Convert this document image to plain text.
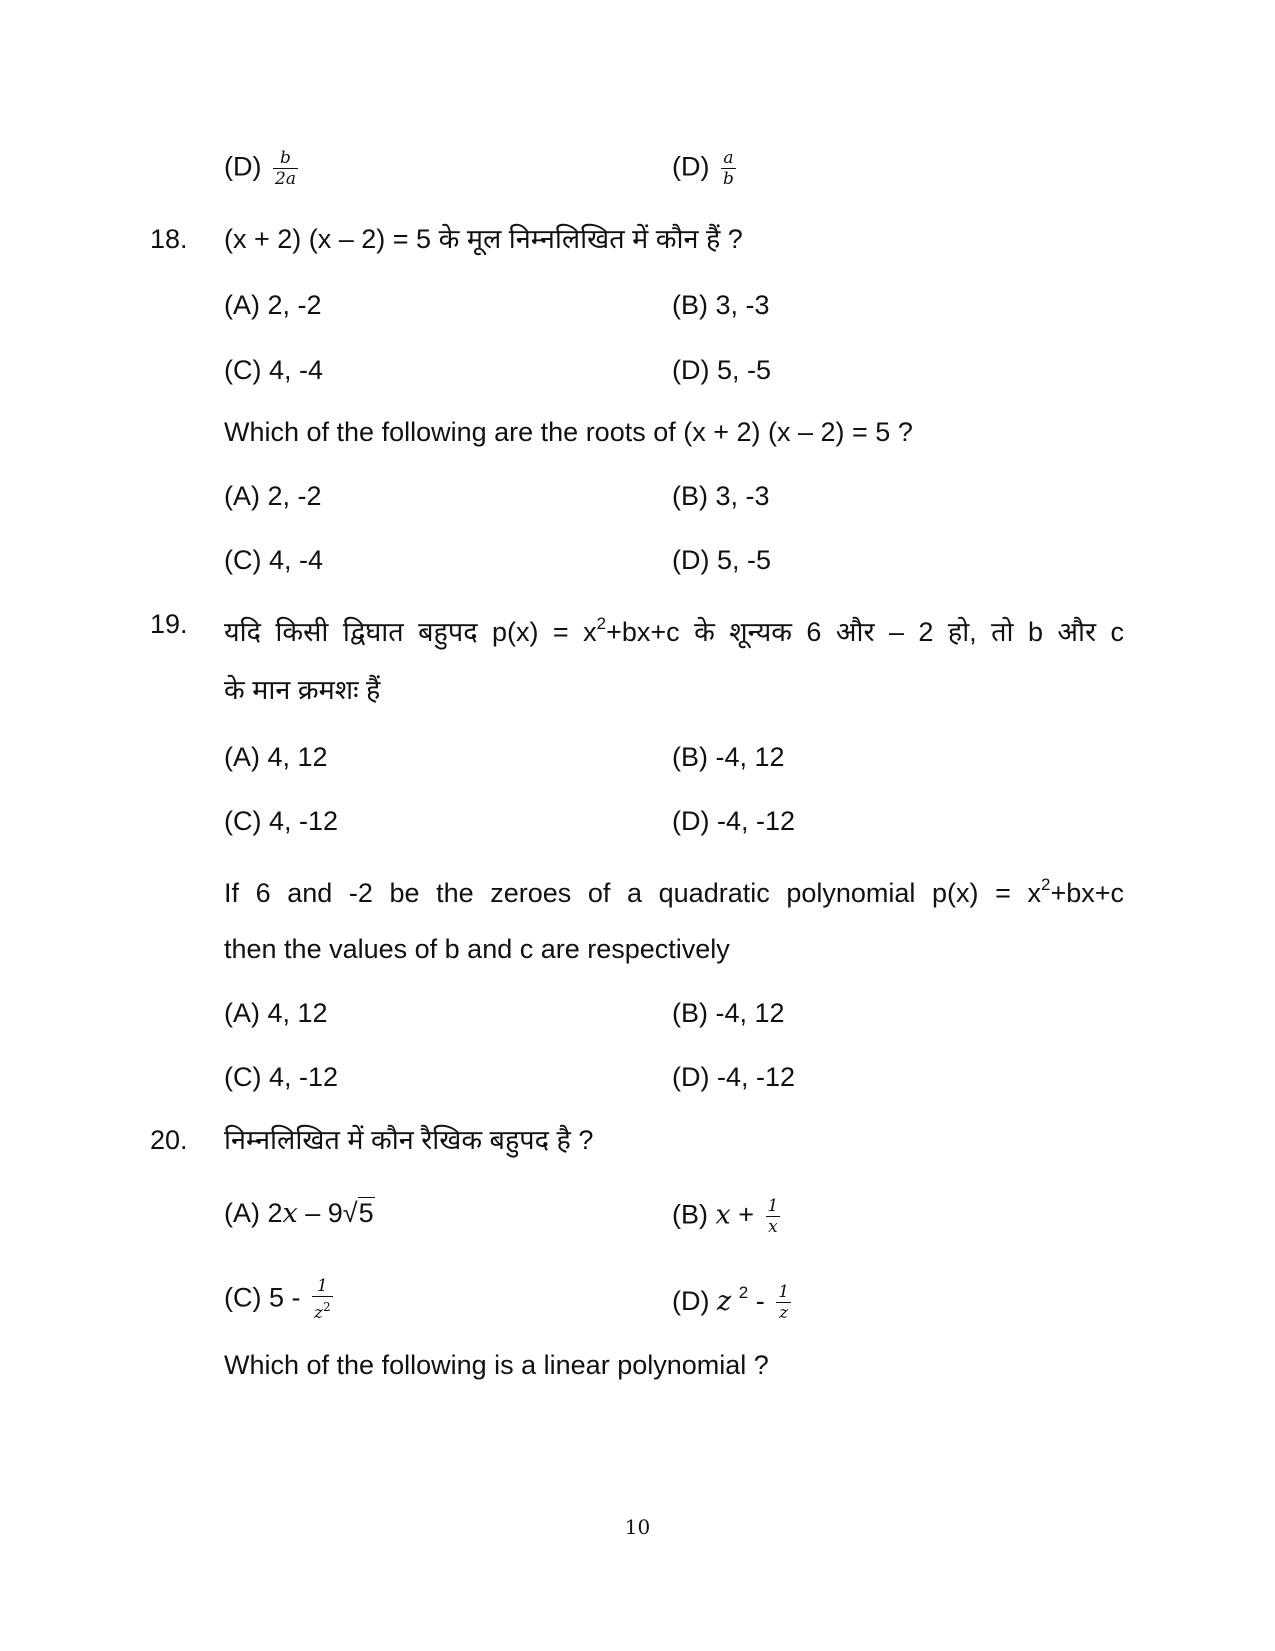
$(D) \frac{b}{2a}$	$(D) \frac{a}{b}$
18. (x + 2) (x – 2) = 5 के मूल निम्नलिखित में कौन हैं ?
(A) 2, -2	(B) 3, -3
(C) 4, -4	(D) 5, -5
Which of the following are the roots of (x + 2) (x – 2) = 5 ?
(A) 2, -2	(B) 3, -3
(C) 4, -4	(D) 5, -5
19. यदि किसी द्विघात बहुपद $p(x) = x^2+bx+c$ के शून्यक 6 और – 2 हो, तो b और c
के मान क्रमशः हैं
(A) 4, 12	(B) -4, 12
(C) 4, -12	(D) -4, -12
If 6 and -2 be the zeroes of a quadratic polynomial $p(x) = x^2+bx+c$
then the values of b and c are respectively
(A) 4, 12	(B) -4, 12
(C) 4, -12	(D) -4, -12
20. निम्नलिखित में कौन रैखिक बहुपद है ?
(A) 2x – 9√5	(B) $x + \frac{1}{x}$
(C) $5 - \frac{1}{z^2}$	(D) z $^2 - \frac{1}{z}$
Which of the following is a linear polynomial ?
10
